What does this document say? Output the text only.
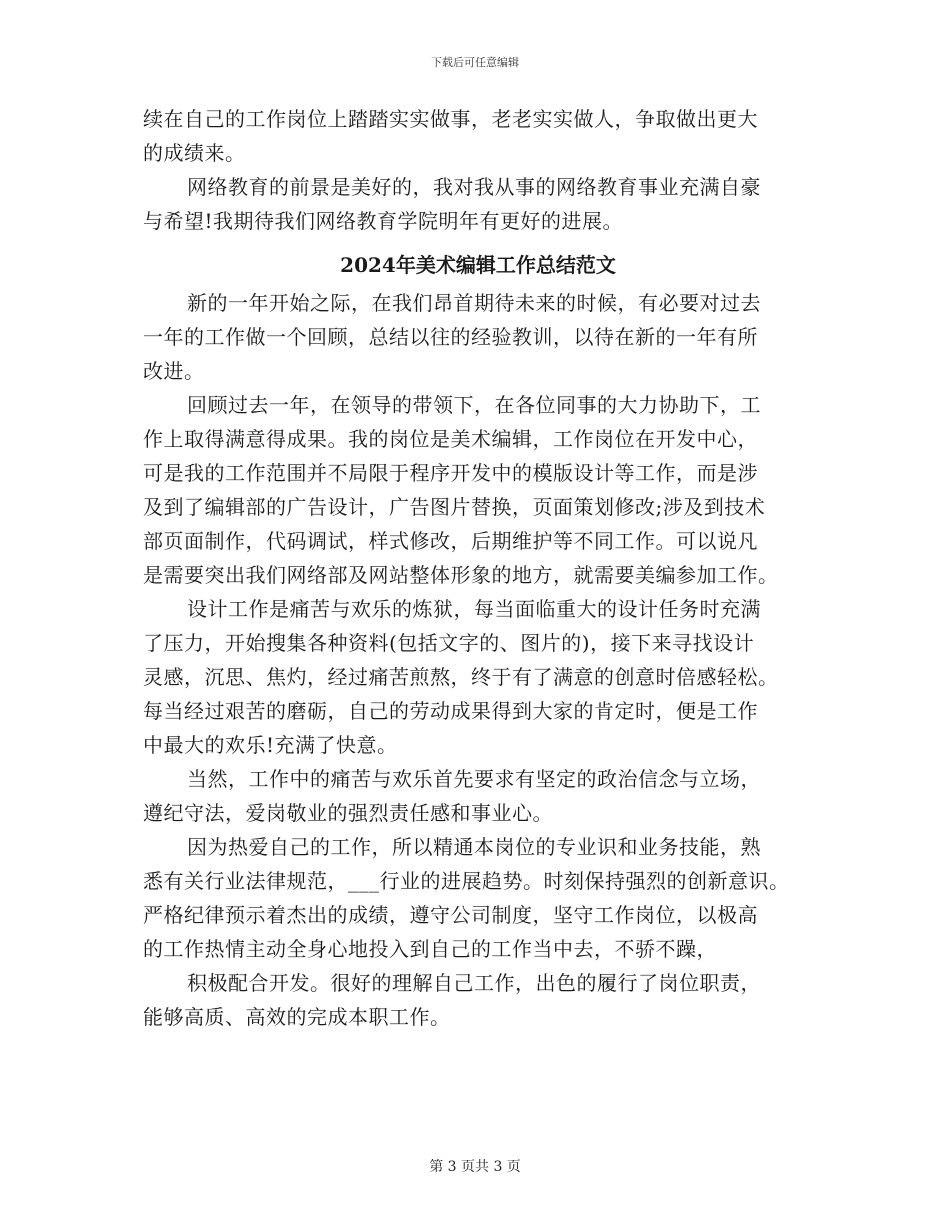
下载后可任意编辑
续在自己的工作岗位上踏踏实实做事，老老实实做人，争取做出更大
的成绩来。
网络教育的前景是美好的，我对我从事的网络教育事业充满自豪
与希望!我期待我们网络教育学院明年有更好的进展。
2024年美术编辑工作总结范文
新的一年开始之际，在我们昂首期待未来的时候，有必要对过去
一年的工作做一个回顾，总结以往的经验教训，以待在新的一年有所
改进。
回顾过去一年，在领导的带领下，在各位同事的大力协助下，工
作上取得满意得成果。我的岗位是美术编辑，工作岗位在开发中心，
可是我的工作范围并不局限于程序开发中的模版设计等工作，而是涉
及到了编辑部的广告设计，广告图片替换，页面策划修改;涉及到技术
部页面制作，代码调试，样式修改，后期维护等不同工作。可以说凡
是需要突出我们网络部及网站整体形象的地方，就需要美编参加工作。
设计工作是痛苦与欢乐的炼狱，每当面临重大的设计任务时充满
了压力，开始搜集各种资料(包括文字的、图片的)，接下来寻找设计
灵感，沉思、焦灼，经过痛苦煎熬，终于有了满意的创意时倍感轻松。
每当经过艰苦的磨砺，自己的劳动成果得到大家的肯定时，便是工作
中最大的欢乐!充满了快意。
当然，工作中的痛苦与欢乐首先要求有坚定的政治信念与立场，
遵纪守法，爱岗敬业的强烈责任感和事业心。
因为热爱自己的工作，所以精通本岗位的专业识和业务技能，熟
悉有关行业法律规范，___行业的进展趋势。时刻保持强烈的创新意识。
严格纪律预示着杰出的成绩，遵守公司制度，坚守工作岗位，以极高
的工作热情主动全身心地投入到自己的工作当中去，不骄不躁，
积极配合开发。很好的理解自己工作，出色的履行了岗位职责，
能够高质、高效的完成本职工作。
第 3 页共 3 页
